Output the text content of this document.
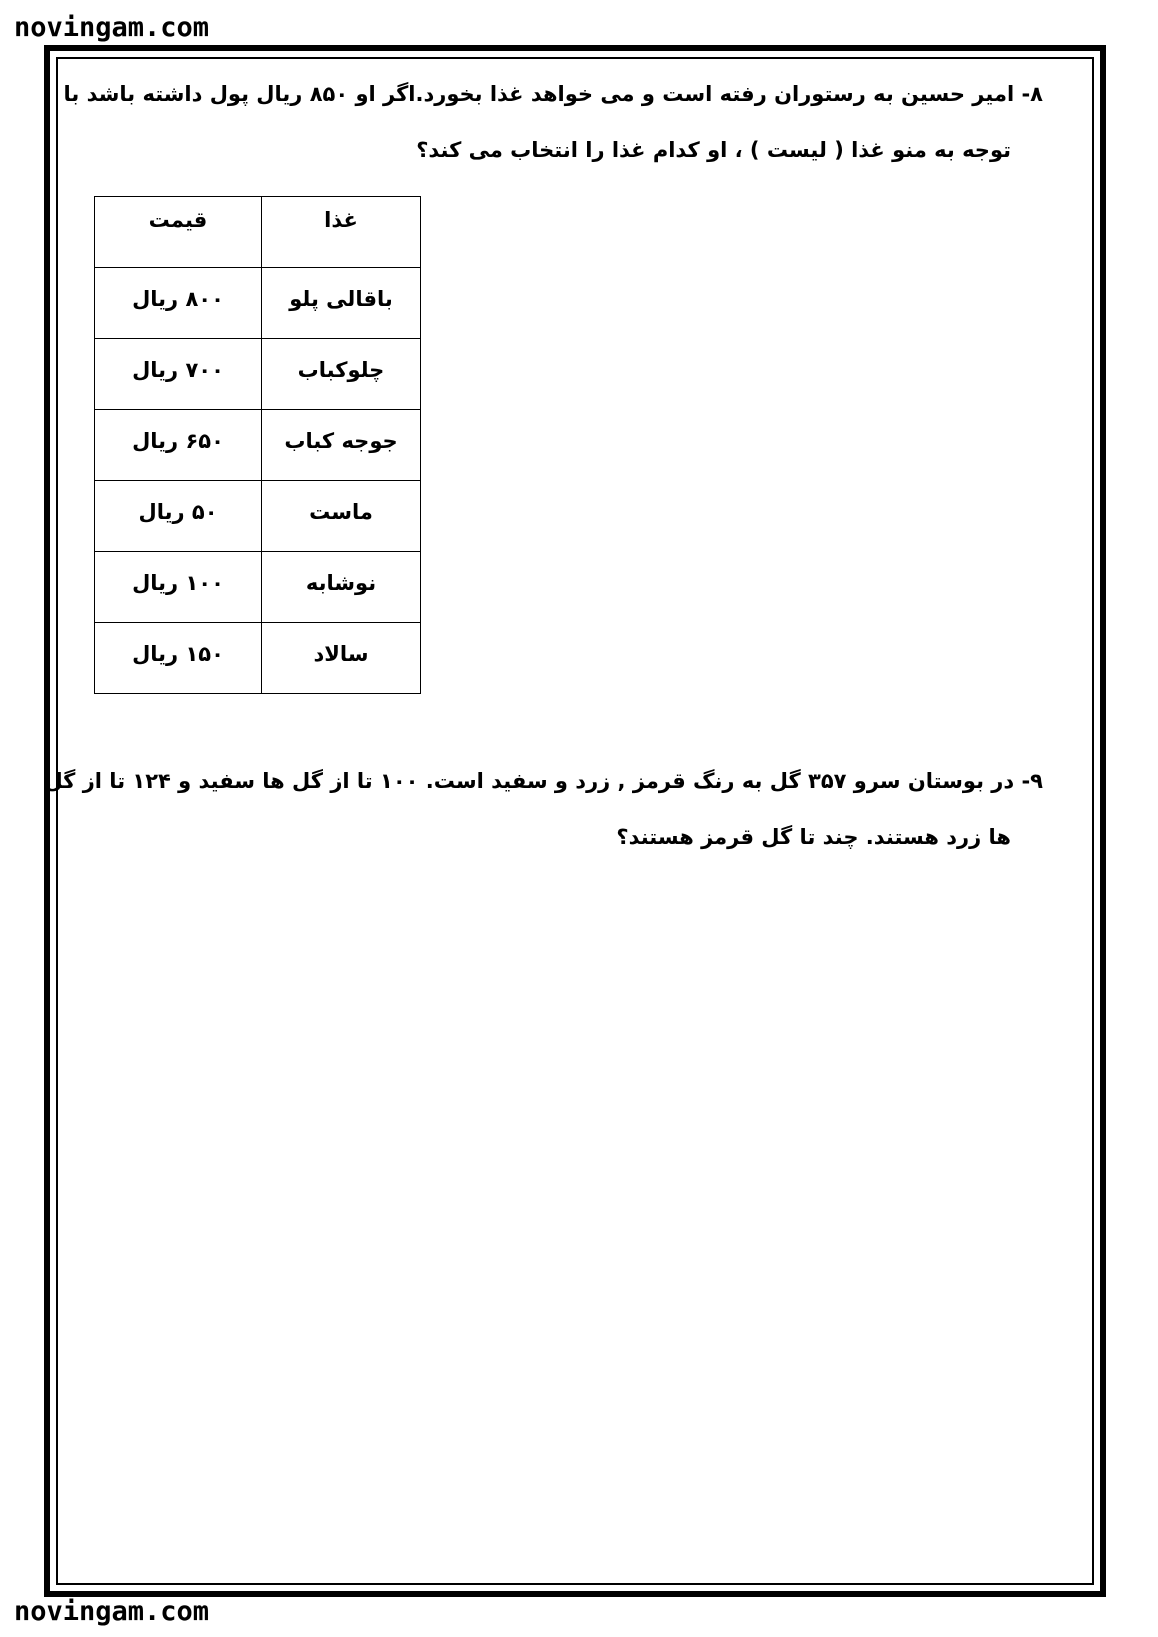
novingam.com
۸- امیر حسین به رستوران رفته است و می خواهد غذا بخورد.اگر او ۸۵۰ ریال پول داشته باشد با
توجه به منو غذا ( لیست ) ، او کدام غذا را انتخاب می کند؟
غذا	قیمت
باقالی پلو	۸۰۰ ریال
چلوکباب	۷۰۰ ریال
جوجه کباب	۶۵۰ ریال
ماست	۵۰ ریال
نوشابه	۱۰۰ ریال
سالاد	۱۵۰ ریال
۹- در بوستان سرو ۳۵۷ گل به رنگ قرمز , زرد و سفید است. ۱۰۰ تا از گل ها سفید و ۱۲۴ تا از گل
ها زرد هستند. چند تا گل قرمز هستند؟
novingam.com
